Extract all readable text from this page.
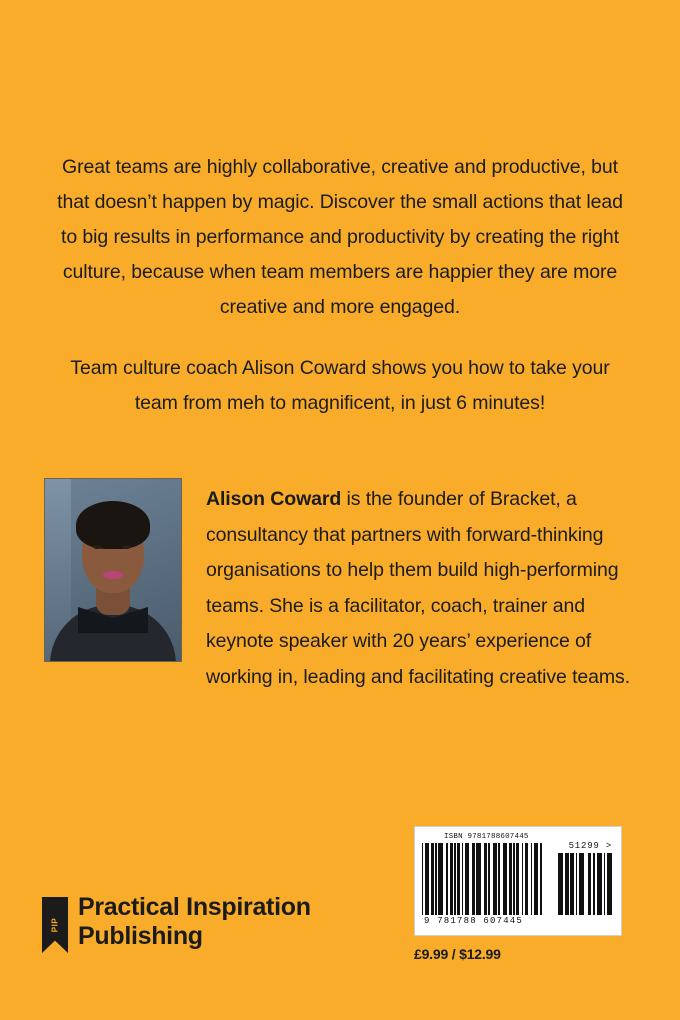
Great teams are highly collaborative, creative and productive, but that doesn’t happen by magic. Discover the small actions that lead to big results in performance and productivity by creating the right culture, because when team members are happier they are more creative and more engaged.

Team culture coach Alison Coward shows you how to take your team from meh to magnificent, in just 6 minutes!

Alison Coward is the founder of Bracket, a consultancy that partners with forward-thinking organisations to help them build high-performing teams. She is a facilitator, coach, trainer and keynote speaker with 20 years’ experience of working in, leading and facilitating creative teams.
PIP
Practical Inspiration
Publishing
ISBN 9781788607445
51299 >
9 781788 607445
£9.99 / $12.99
